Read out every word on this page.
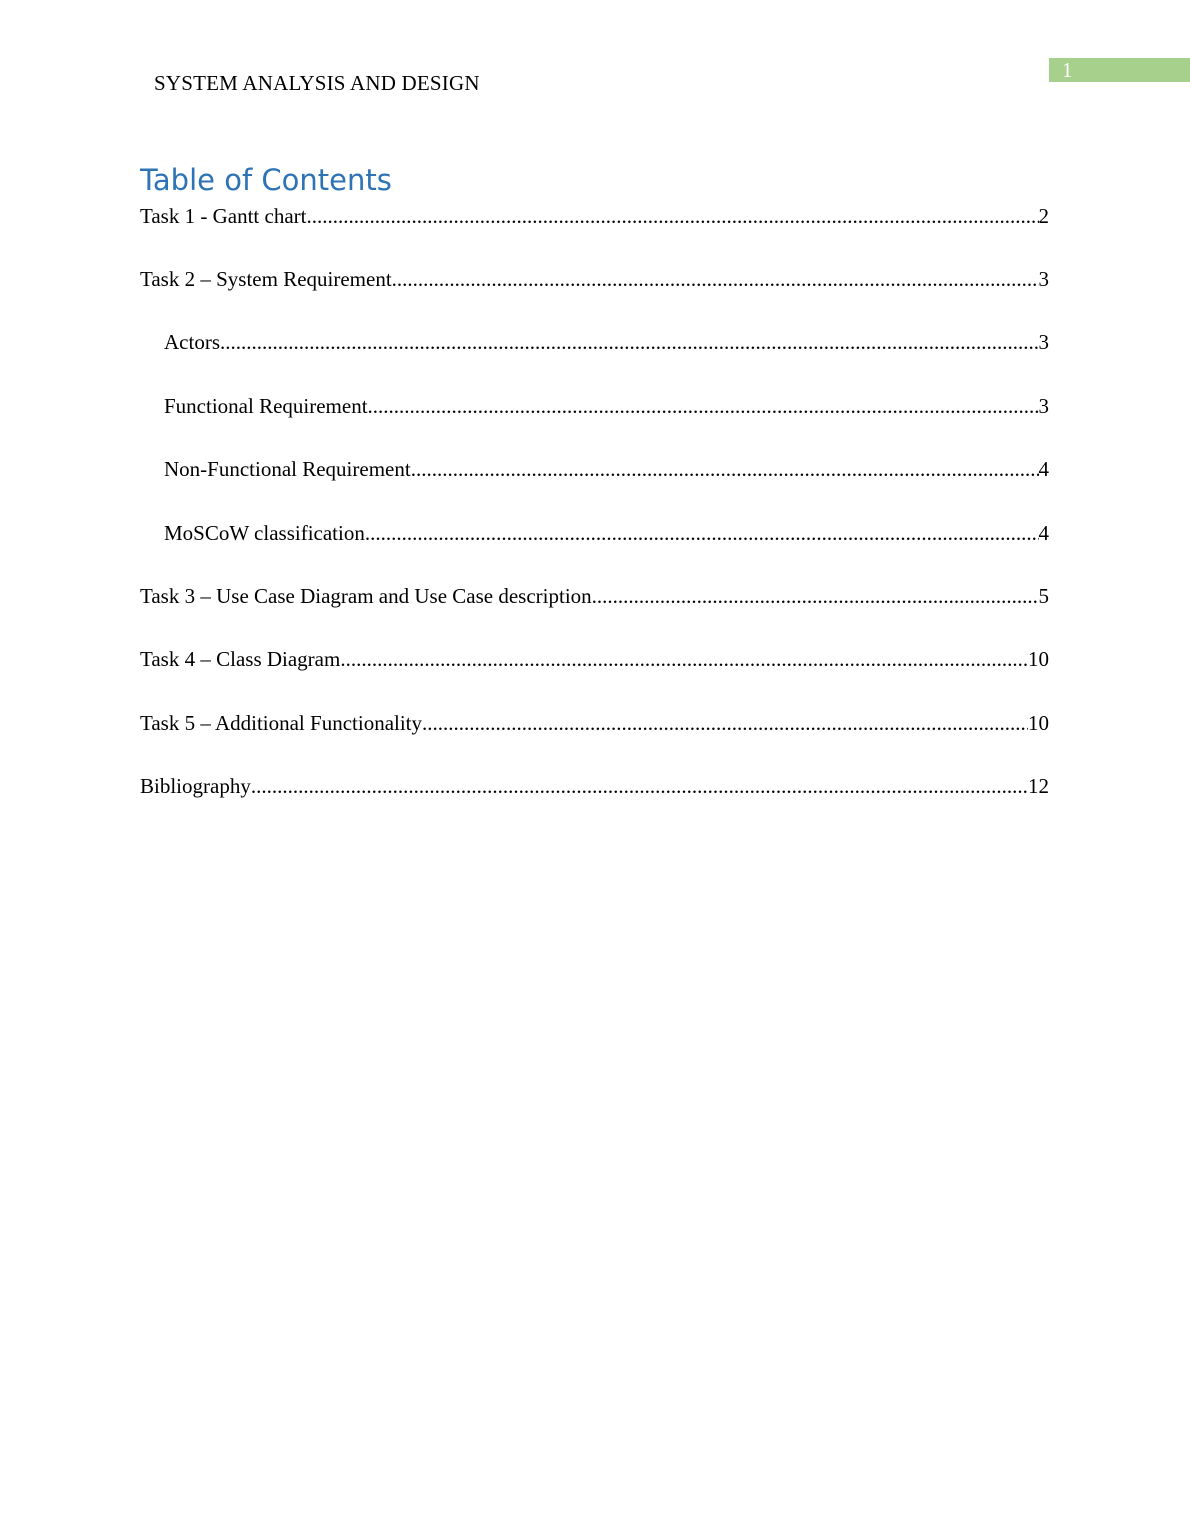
1
SYSTEM ANALYSIS AND DESIGN
Table of Contents
Task 1 - Gantt chart .....	2
Task 2 – System Requirement .....	3
Actors .....	3
Functional Requirement .....	3
Non-Functional Requirement .....	4
MoSCoW classification .....	4
Task 3 – Use Case Diagram and Use Case description .....	5
Task 4 – Class Diagram .....	10
Task 5 – Additional Functionality .....	10
Bibliography .....	12
